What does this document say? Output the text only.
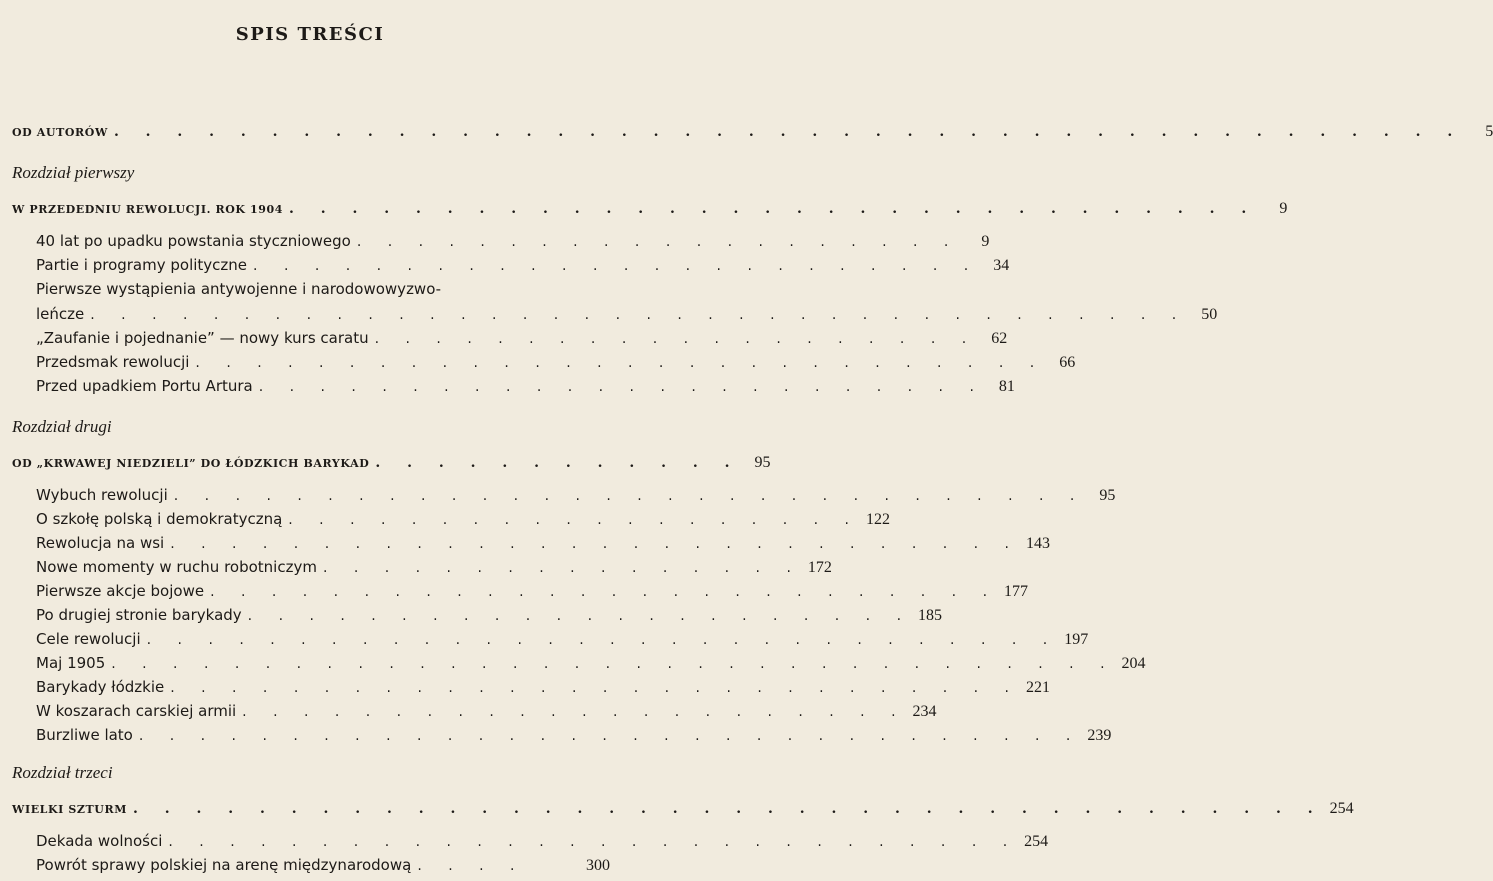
SPIS TREŚCI
OD AUTORÓW . . . . . . . . . . . . . . . . . . . . . . . . . . . . . . . . . . . . . . . . . . .	5
Rozdział pierwszy
W PRZEDEDNIU REWOLUCJI. ROK 1904 . . . . . . . . . . . . . . . . . . . . . . . . . . . . . . .	9
40 lat po upadku powstania styczniowego . . . . . . . . . . . . . . . . . . . .	9
Partie i programy polityczne . . . . . . . . . . . . . . . . . . . . . . . . 34
Pierwsze wystąpienia antywojenne i narodowowyzwo-
leńcze . . . . . . . . . . . . . . . . . . . . . . . . . . . . . . . . . . . . 50
„Zaufanie i pojednanie” — nowy kurs caratu . . . . . . . . . . . . . . . . . . . . 62
Przedsmak rewolucji . . . . . . . . . . . . . . . . . . . . . . . . . . . . 66
Przed upadkiem Portu Artura . . . . . . . . . . . . . . . . . . . . . . . . 81
Rozdział drugi
OD „KRWAWEJ NIEDZIELI” DO ŁÓDZKICH BARYKAD . . . . . . . . . . . . 95
Wybuch rewolucji . . . . . . . . . . . . . . . . . . . . . . . . . . . . . . 95
O szkołę polską i demokratyczną . . . . . . . . . . . . . . . . . . . 122
Rewolucja na wsi . . . . . . . . . . . . . . . . . . . . . . . . . . . . 143
Nowe momenty w ruchu robotniczym . . . . . . . . . . . . . . . . 172
Pierwsze akcje bojowe . . . . . . . . . . . . . . . . . . . . . . . . . . 177
Po drugiej stronie barykady . . . . . . . . . . . . . . . . . . . . . . 185
Cele rewolucji . . . . . . . . . . . . . . . . . . . . . . . . . . . . . . 197
Maj 1905 . . . . . . . . . . . . . . . . . . . . . . . . . . . . . . . . . 204
Barykady łódzkie . . . . . . . . . . . . . . . . . . . . . . . . . . . . 221
W koszarach carskiej armii . . . . . . . . . . . . . . . . . . . . . . 234
Burzliwe lato . . . . . . . . . . . . . . . . . . . . . . . . . . . . . . . 239
Rozdział trzeci
WIELKI SZTURM . . . . . . . . . . . . . . . . . . . . . . . . . . . . . . . . . . . . . . 254
Dekada wolności . . . . . . . . . . . . . . . . . . . . . . . . . . . . 254
Powrót sprawy polskiej na arenę międzynarodową . . . .	300
